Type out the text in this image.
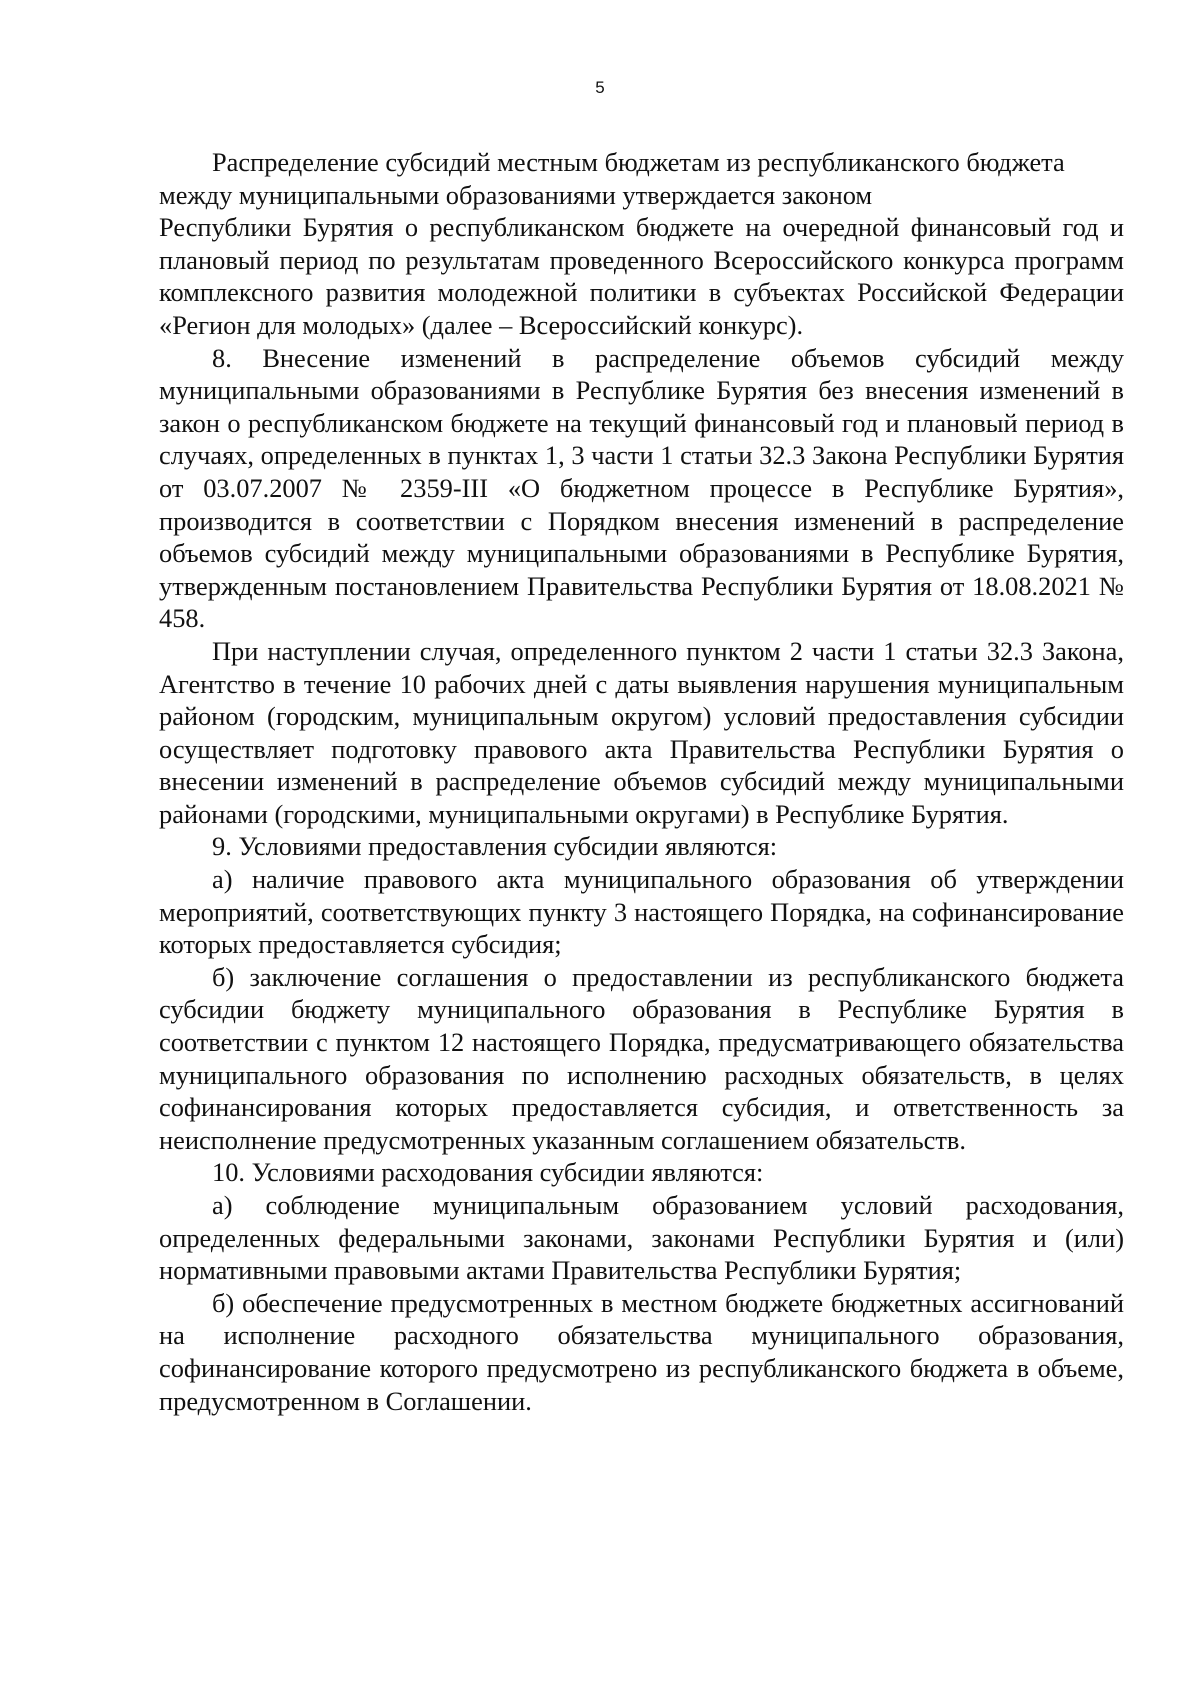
5

Распределение субсидий местным бюджетам из республиканского бюджета между муниципальными образованиями утверждается законом

Республики Бурятия о республиканском бюджете на очередной финансовый год и плановый период по результатам проведенного Всероссийского конкурса программ комплексного развития молодежной политики в субъектах Российской Федерации «Регион для молодых» (далее – Всероссийский конкурс).

8. Внесение изменений в распределение объемов субсидий между муниципальными образованиями в Республике Бурятия без внесения изменений в закон о республиканском бюджете на текущий финансовый год и плановый период в случаях, определенных в пунктах 1, 3 части 1 статьи 32.3 Закона Республики Бурятия от 03.07.2007 № 2359-III «О бюджетном процессе в Республике Бурятия», производится в соответствии с Порядком внесения изменений в распределение объемов субсидий между муниципальными образованиями в Республике Бурятия, утвержденным постановлением Правительства Республики Бурятия от 18.08.2021 № 458.

При наступлении случая, определенного пунктом 2 части 1 статьи 32.3 Закона, Агентство в течение 10 рабочих дней с даты выявления нарушения муниципальным районом (городским, муниципальным округом) условий предоставления субсидии осуществляет подготовку правового акта Правительства Республики Бурятия о внесении изменений в распределение объемов субсидий между муниципальными районами (городскими, муниципальными округами) в Республике Бурятия.

9. Условиями предоставления субсидии являются:

а) наличие правового акта муниципального образования об утверждении мероприятий, соответствующих пункту 3 настоящего Порядка, на софинансирование которых предоставляется субсидия;

б) заключение соглашения о предоставлении из республиканского бюджета субсидии бюджету муниципального образования в Республике Бурятия в соответствии с пунктом 12 настоящего Порядка, предусматривающего обязательства муниципального образования по исполнению расходных обязательств, в целях софинансирования которых предоставляется субсидия, и ответственность за неисполнение предусмотренных указанным соглашением обязательств.

10. Условиями расходования субсидии являются:

а) соблюдение муниципальным образованием условий расходования, определенных федеральными законами, законами Республики Бурятия и (или) нормативными правовыми актами Правительства Республики Бурятия;

б) обеспечение предусмотренных в местном бюджете бюджетных ассигнований на исполнение расходного обязательства муниципального образования, софинансирование которого предусмотрено из республиканского бюджета в объеме, предусмотренном в Соглашении.
